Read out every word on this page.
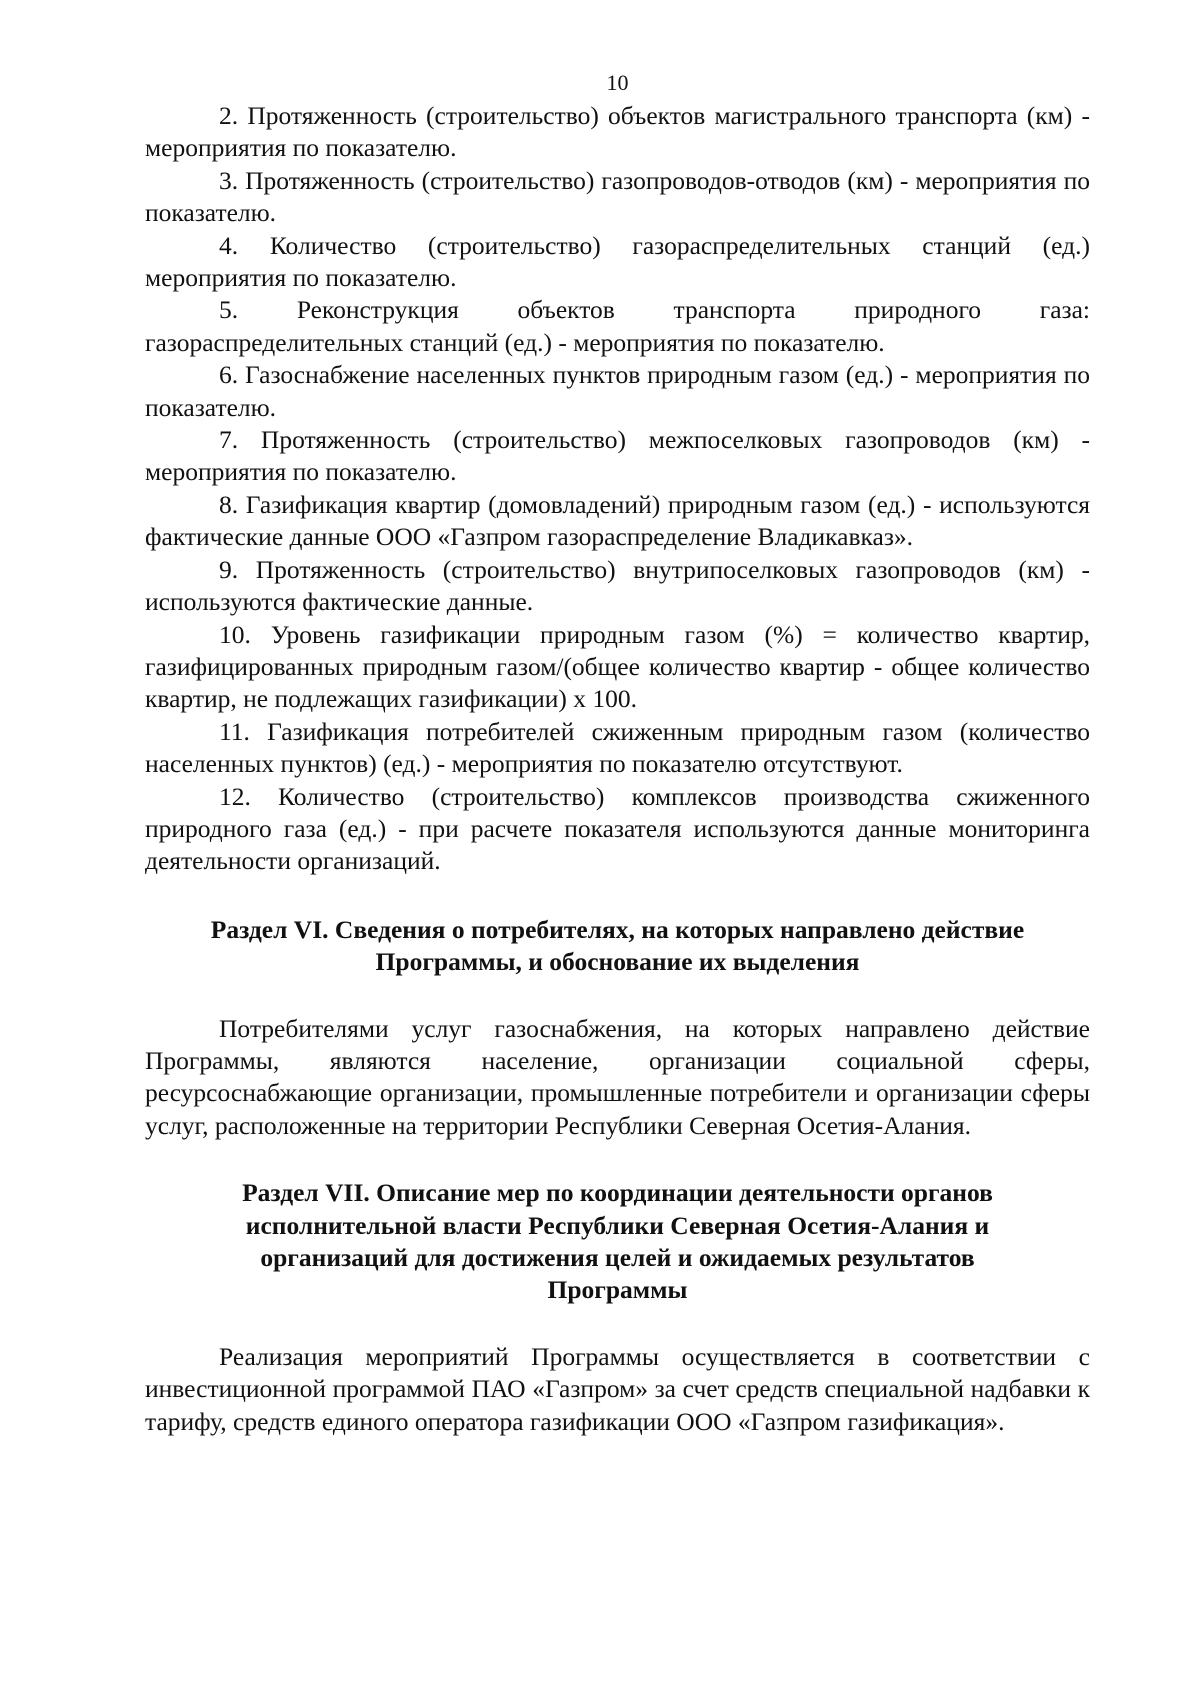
10

2. Протяженность (строительство) объектов магистрального транспорта (км) - мероприятия по показателю.

3. Протяженность (строительство) газопроводов-отводов (км) - мероприятия по показателю.

4. Количество (строительство) газораспределительных станций (ед.) мероприятия по показателю.

5. Реконструкция объектов транспорта природного газа: газораспределительных станций (ед.) - мероприятия по показателю.

6. Газоснабжение населенных пунктов природным газом (ед.) - мероприятия по показателю.

7. Протяженность (строительство) межпоселковых газопроводов (км) - мероприятия по показателю.

8. Газификация квартир (домовладений) природным газом (ед.) - используются фактические данные ООО «Газпром газораспределение Владикавказ».

9. Протяженность (строительство) внутрипоселковых газопроводов (км) - используются фактические данные.

10. Уровень газификации природным газом (%) = количество квартир, газифицированных природным газом/(общее количество квартир - общее количество квартир, не подлежащих газификации) х 100.

11. Газификация потребителей сжиженным природным газом (количество населенных пунктов) (ед.) - мероприятия по показателю отсутствуют.

12. Количество (строительство) комплексов производства сжиженного природного газа (ед.) - при расчете показателя используются данные мониторинга деятельности организаций.

Раздел VI. Сведения о потребителях, на которых направлено действие
Программы, и обоснование их выделения

Потребителями услуг газоснабжения, на которых направлено действие Программы, являются население, организации социальной сферы, ресурсоснабжающие организации, промышленные потребители и организации сферы услуг, расположенные на территории Республики Северная Осетия-Алания.

Раздел VII. Описание мер по координации деятельности органов
исполнительной власти Республики Северная Осетия-Алания и
организаций для достижения целей и ожидаемых результатов
Программы

Реализация мероприятий Программы осуществляется в соответствии с инвестиционной программой ПАО «Газпром» за счет средств специальной надбавки к тарифу, средств единого оператора газификации ООО «Газпром газификация».
